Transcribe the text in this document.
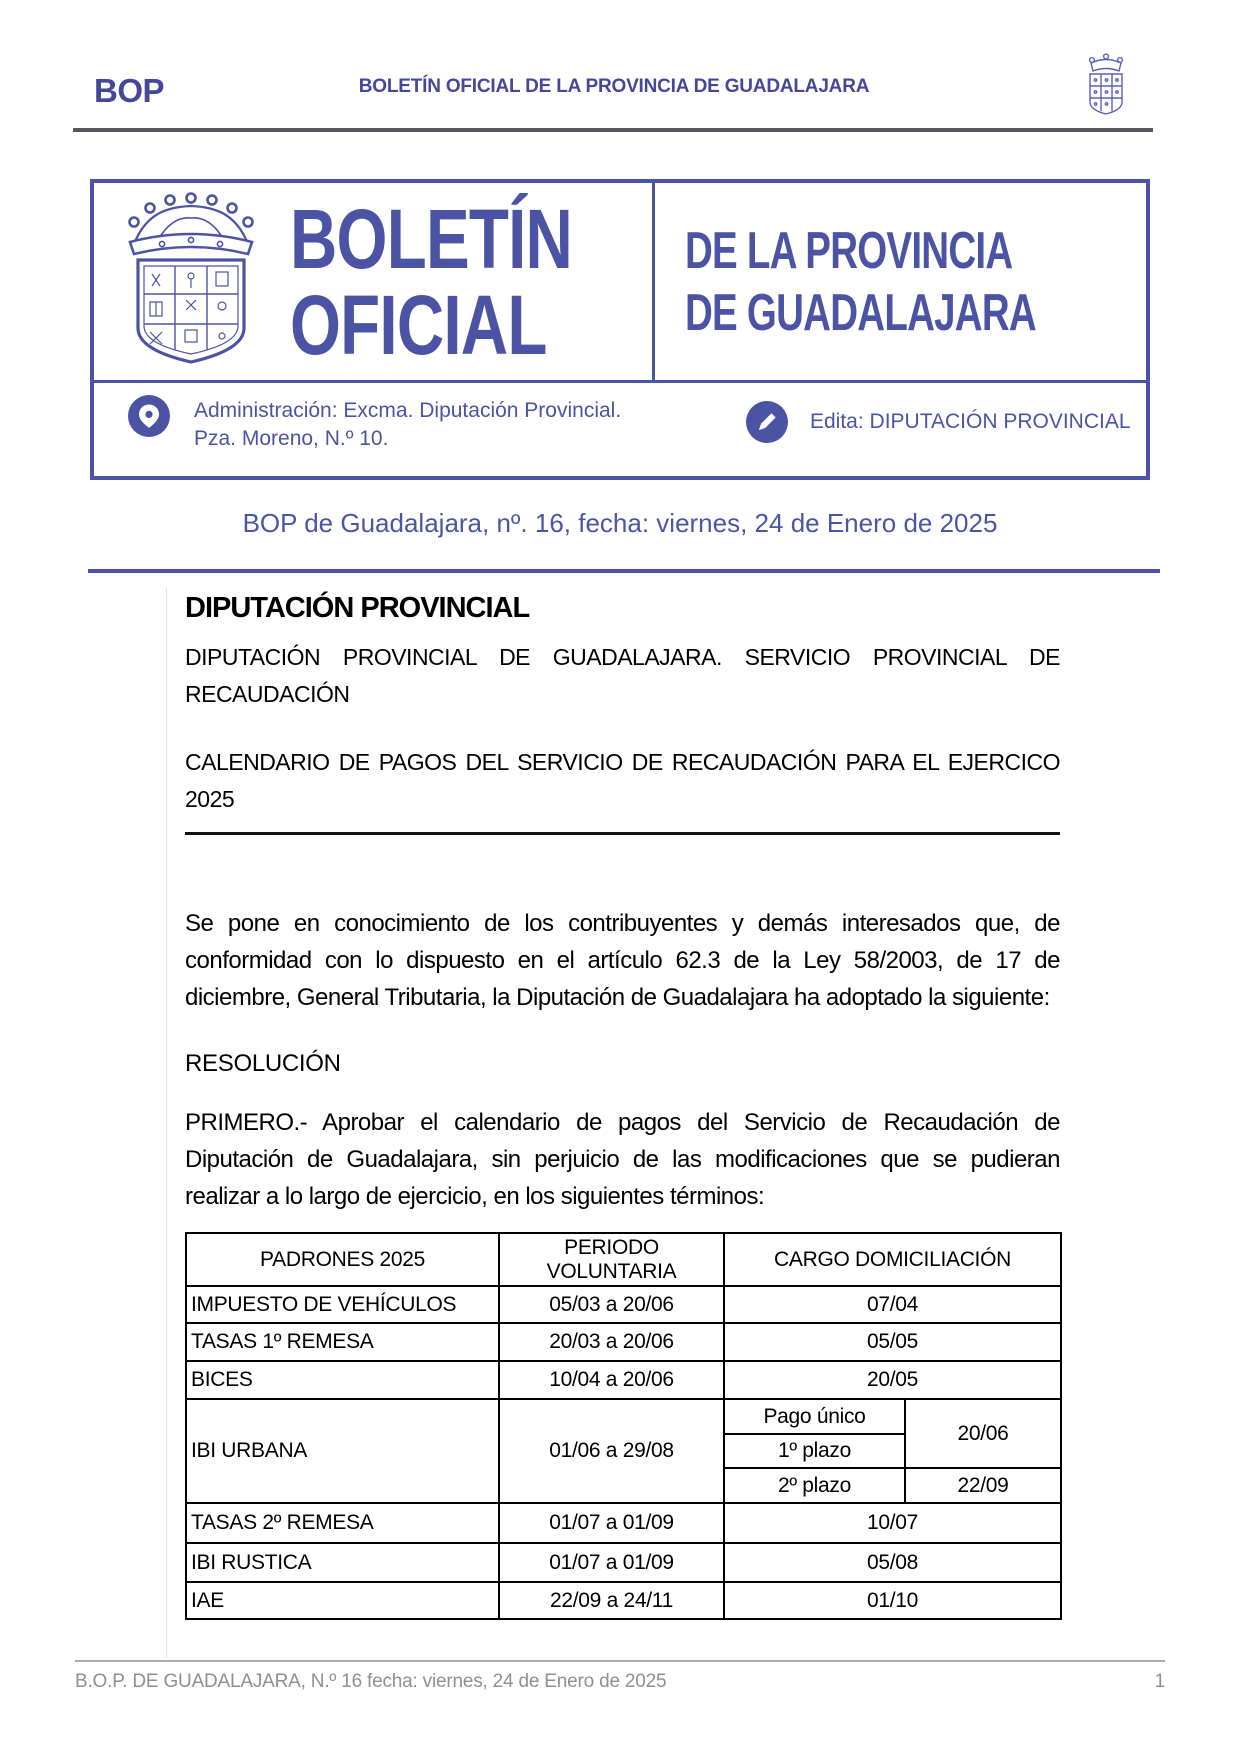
BOP	BOLETÍN OFICIAL DE LA PROVINCIA DE GUADALAJARA
BOLETÍN
OFICIAL
DE LA PROVINCIA
DE GUADALAJARA
Administración: Excma. Diputación Provincial.
Pza. Moreno, N.º 10.
Edita: DIPUTACIÓN PROVINCIAL
BOP de Guadalajara, nº. 16, fecha: viernes, 24 de Enero de 2025
DIPUTACIÓN PROVINCIAL
DIPUTACIÓN PROVINCIAL DE GUADALAJARA. SERVICIO PROVINCIAL DE RECAUDACIÓN
CALENDARIO DE PAGOS DEL SERVICIO DE RECAUDACIÓN PARA EL EJERCICO 2025
Se pone en conocimiento de los contribuyentes y demás interesados que, de conformidad con lo dispuesto en el artículo 62.3 de la Ley 58/2003, de 17 de diciembre, General Tributaria, la Diputación de Guadalajara ha adoptado la siguiente:
RESOLUCIÓN
PRIMERO.- Aprobar el calendario de pagos del Servicio de Recaudación de Diputación de Guadalajara, sin perjuicio de las modificaciones que se pudieran realizar a lo largo de ejercicio, en los siguientes términos:
PADRONES 2025	PERIODO VOLUNTARIA	CARGO DOMICILIACIÓN	
IMPUESTO DE VEHÍCULOS	05/03 a 20/06	07/04	
TASAS 1º REMESA	20/03 a 20/06	05/05	
BICES	10/04 a 20/06	20/05	
IBI URBANA	01/06 a 29/08	Pago único	20/06
		1º plazo	
		2º plazo	22/09
TASAS 2º REMESA	01/07 a 01/09	10/07	
IBI RUSTICA	01/07 a 01/09	05/08	
IAE	22/09 a 24/11	01/10	
B.O.P. DE GUADALAJARA, N.º 16 fecha: viernes, 24 de Enero de 2025	1
